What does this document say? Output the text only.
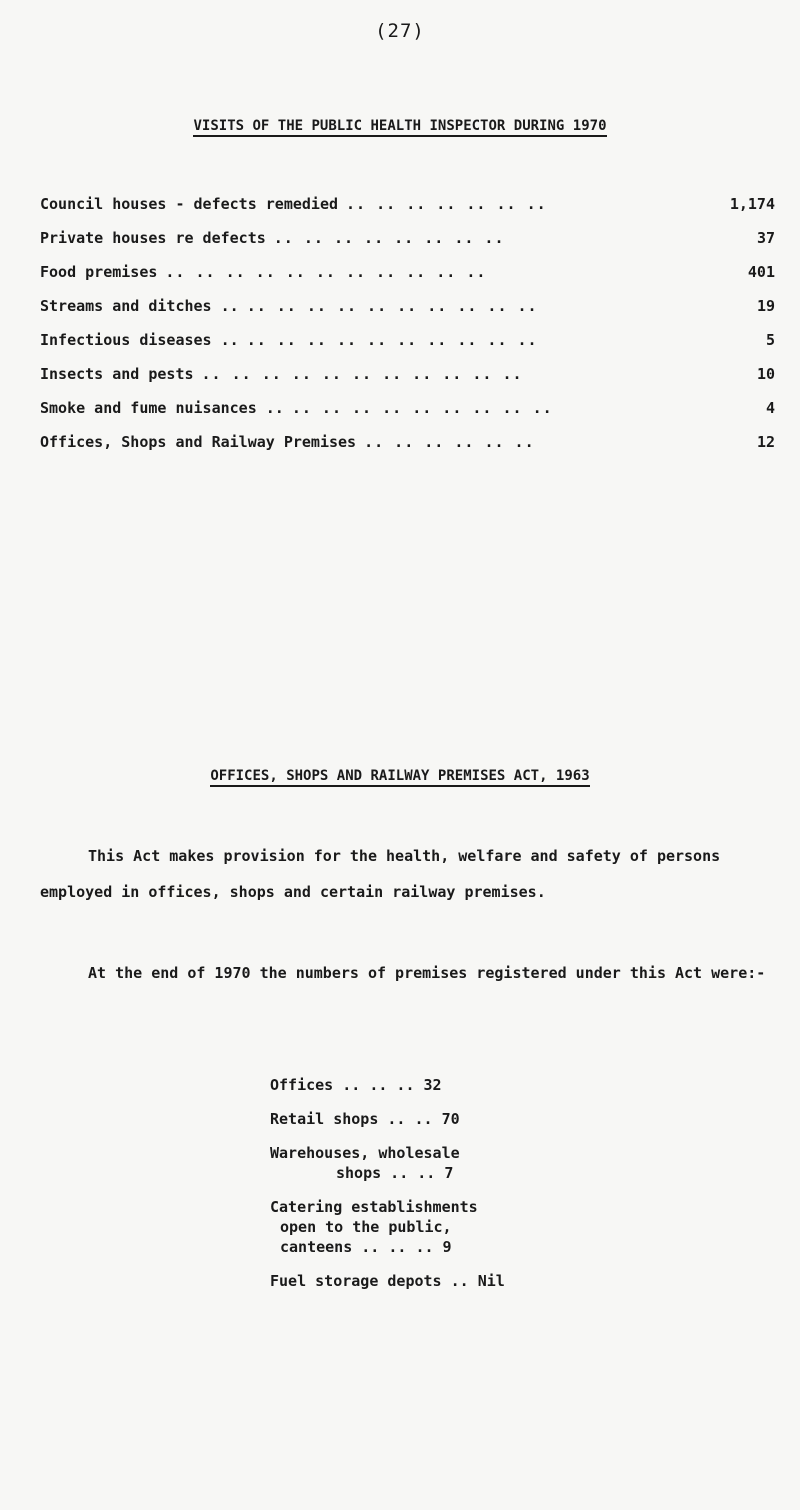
(27)
VISITS OF THE PUBLIC HEALTH INSPECTOR DURING 1970
Council houses - defects remedied .. .. .. .. .. .. ..	1,174
Private houses re defects .. .. .. .. .. .. .. ..	37
Food premises .. .. .. .. .. .. .. .. .. .. ..	401
Streams and ditches .. .. .. .. .. .. .. .. .. .. ..	19
Infectious diseases .. .. .. .. .. .. .. .. .. .. ..	5
Insects and pests .. .. .. .. .. .. .. .. .. .. ..	10
Smoke and fume nuisances .. .. .. .. .. .. .. .. .. ..	4
Offices, Shops and Railway Premises .. .. .. .. .. ..	12
OFFICES, SHOPS AND RAILWAY PREMISES ACT, 1963
This Act makes provision for the health, welfare and safety of persons employed in offices, shops and certain railway premises.
At the end of 1970 the numbers of premises registered under this Act were:-
Offices .. .. .. 32
Retail shops .. .. 70
Warehouses, wholesale
shops .. .. 7
Catering establishments
open to the public,
canteens .. .. .. 9
Fuel storage depots .. Nil
